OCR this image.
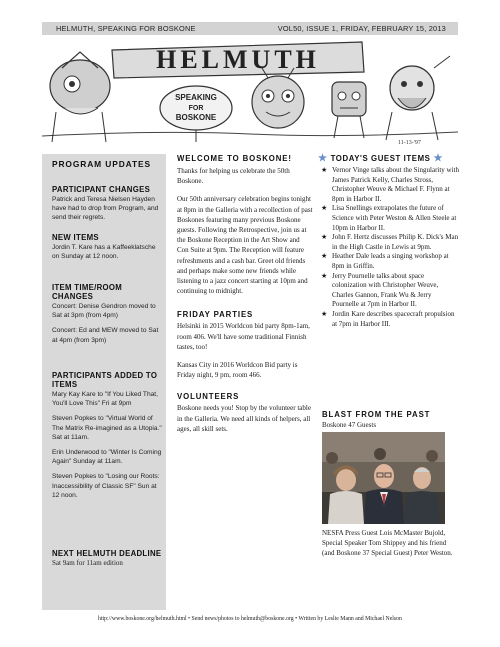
HELMUTH, SPEAKING FOR BOSKONE	VOL50, ISSUE 1, FRIDAY, FEBRUARY 15, 2013
HELMUTH
SPEAKING
FOR
BOSKONE
11-13-'97
PROGRAM UPDATES
PARTICIPANT CHANGES
Patrick and Teresa Nielsen Hayden have had to drop from Program, and send their regrets.
NEW ITEMS
Jordin T. Kare has a Kaffeeklatsche on Sunday at 12 noon.
ITEM TIME/ROOM CHANGES
Concert: Denise Gendron moved to Sat at 3pm (from 4pm)
Concert: Ed and MEW moved to Sat at 4pm (from 3pm)
PARTICIPANTS ADDED TO ITEMS
Mary Kay Kare to "If You Liked That, You'll Love This" Fri at 9pm
Steven Popkes to "Virtual World of The Matrix Re-imagined as a Utopia." Sat at 11am.
Erin Underwood to "Winter Is Coming Again" Sunday at 11am.
Steven Popkes to "Losing our Roots: Inaccessibility of Classic SF" Sun at 12 noon.
NEXT HELMUTH DEADLINE
Sat 9am for 11am edition
WELCOME TO BOSKONE!

Thanks for helping us celebrate the 50th Boskone.

Our 50th anniversary celebration begins tonight at 8pm in the Galleria with a recollection of past Boskones featuring many previous Boskone guests. Following the Retrospective, join us at the Boskone Reception in the Art Show and Con Suite at 9pm. The Reception will feature refreshments and a cash bar. Greet old friends and perhaps make some new friends while listening to a jazz concert starting at 10pm and continuing to midnight.

FRIDAY PARTIES

Helsinki in 2015 Worldcon bid party 8pm-1am, room 406. We'll have some traditional Finnish tastes, too!

Kansas City in 2016 Worldcon Bid party is Friday night, 9 pm, room 466.

VOLUNTEERS

Boskone needs you! Stop by the volunteer table in the Galleria. We need all kinds of helpers, all ages, all skill sets.

★ TODAY'S GUEST ITEMS ★

★ Vernor Vinge talks about the Singularity with James Patrick Kelly, Charles Stross, Christopher Weuve & Michael F. Flynn at 8pm in Harbor II.

★ Lisa Snellings extrapolates the future of Science with Peter Weston & Allen Steele at 10pm in Harbor II.

★ John F. Hertz discusses Philip K. Dick's Man in the High Castle in Lewis at 9pm.

★ Heather Dale leads a singing workshop at 8pm in Griffin.

★ Jerry Pournelle talks about space colonization with Christopher Weuve, Charles Gannon, Frank Wu & Jerry Pournelle at 7pm in Harbor II.

★ Jordin Kare describes spacecraft propulsion at 7pm in Harbor III.

BLAST FROM THE PAST
Boskone 47 Guests

NESFA Press Guest Lois McMaster Bujold, Special Speaker Tom Shippey and his friend (and Boskone 37 Special Guest) Peter Weston.

http://www.boskone.org/helmuth.html • Send news/photos to helmuth@boskone.org • Written by Leslie Mann and Michael Nelson
